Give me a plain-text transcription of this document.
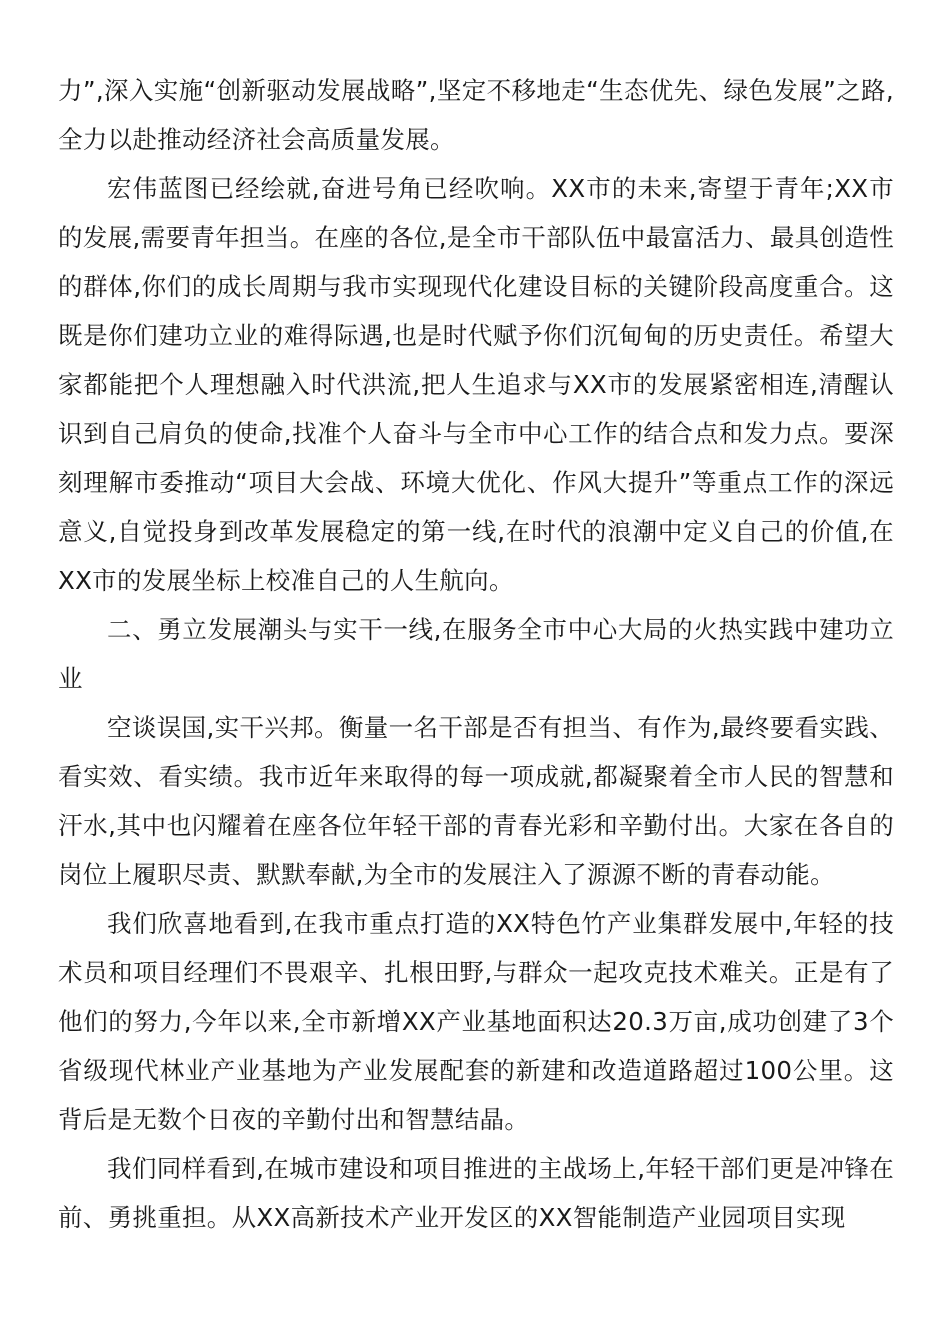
力”,深入实施“创新驱动发展战略”,坚定不移地走“生态优先、绿色发展”之路,全力以赴推动经济社会高质量发展。

宏伟蓝图已经绘就,奋进号角已经吹响。XX市的未来,寄望于青年;XX市的发展,需要青年担当。在座的各位,是全市干部队伍中最富活力、最具创造性的群体,你们的成长周期与我市实现现代化建设目标的关键阶段高度重合。这既是你们建功立业的难得际遇,也是时代赋予你们沉甸甸的历史责任。希望大家都能把个人理想融入时代洪流,把人生追求与XX市的发展紧密相连,清醒认识到自己肩负的使命,找准个人奋斗与全市中心工作的结合点和发力点。要深刻理解市委推动“项目大会战、环境大优化、作风大提升”等重点工作的深远意义,自觉投身到改革发展稳定的第一线,在时代的浪潮中定义自己的价值,在XX市的发展坐标上校准自己的人生航向。

二、勇立发展潮头与实干一线,在服务全市中心大局的火热实践中建功立业

空谈误国,实干兴邦。衡量一名干部是否有担当、有作为,最终要看实践、看实效、看实绩。我市近年来取得的每一项成就,都凝聚着全市人民的智慧和汗水,其中也闪耀着在座各位年轻干部的青春光彩和辛勤付出。大家在各自的岗位上履职尽责、默默奉献,为全市的发展注入了源源不断的青春动能。

我们欣喜地看到,在我市重点打造的XX特色竹产业集群发展中,年轻的技术员和项目经理们不畏艰辛、扎根田野,与群众一起攻克技术难关。正是有了他们的努力,今年以来,全市新增XX产业基地面积达20.3万亩,成功创建了3个省级现代林业产业基地为产业发展配套的新建和改造道路超过100公里。这背后是无数个日夜的辛勤付出和智慧结晶。

我们同样看到,在城市建设和项目推进的主战场上,年轻干部们更是冲锋在前、勇挑重担。从XX高新技术产业开发区的XX智能制造产业园项目实现
